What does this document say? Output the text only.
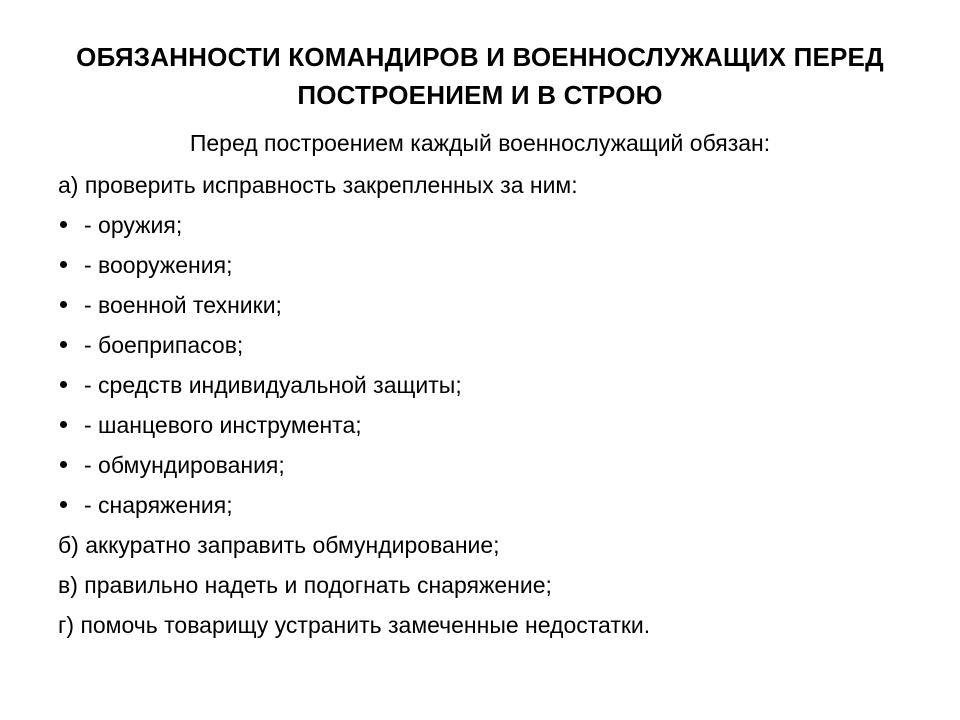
ОБЯЗАННОСТИ КОМАНДИРОВ И ВОЕННОСЛУЖАЩИХ ПЕРЕД
ПОСТРОЕНИЕМ И В СТРОЮ
Перед построением каждый военнослужащий обязан:
а) проверить исправность закрепленных за ним:
- оружия;
- вооружения;
- военной техники;
- боеприпасов;
- средств индивидуальной защиты;
- шанцевого инструмента;
- обмундирования;
- снаряжения;
б) аккуратно заправить обмундирование;
в) правильно надеть и подогнать снаряжение;
г) помочь товарищу устранить замеченные недостатки.
